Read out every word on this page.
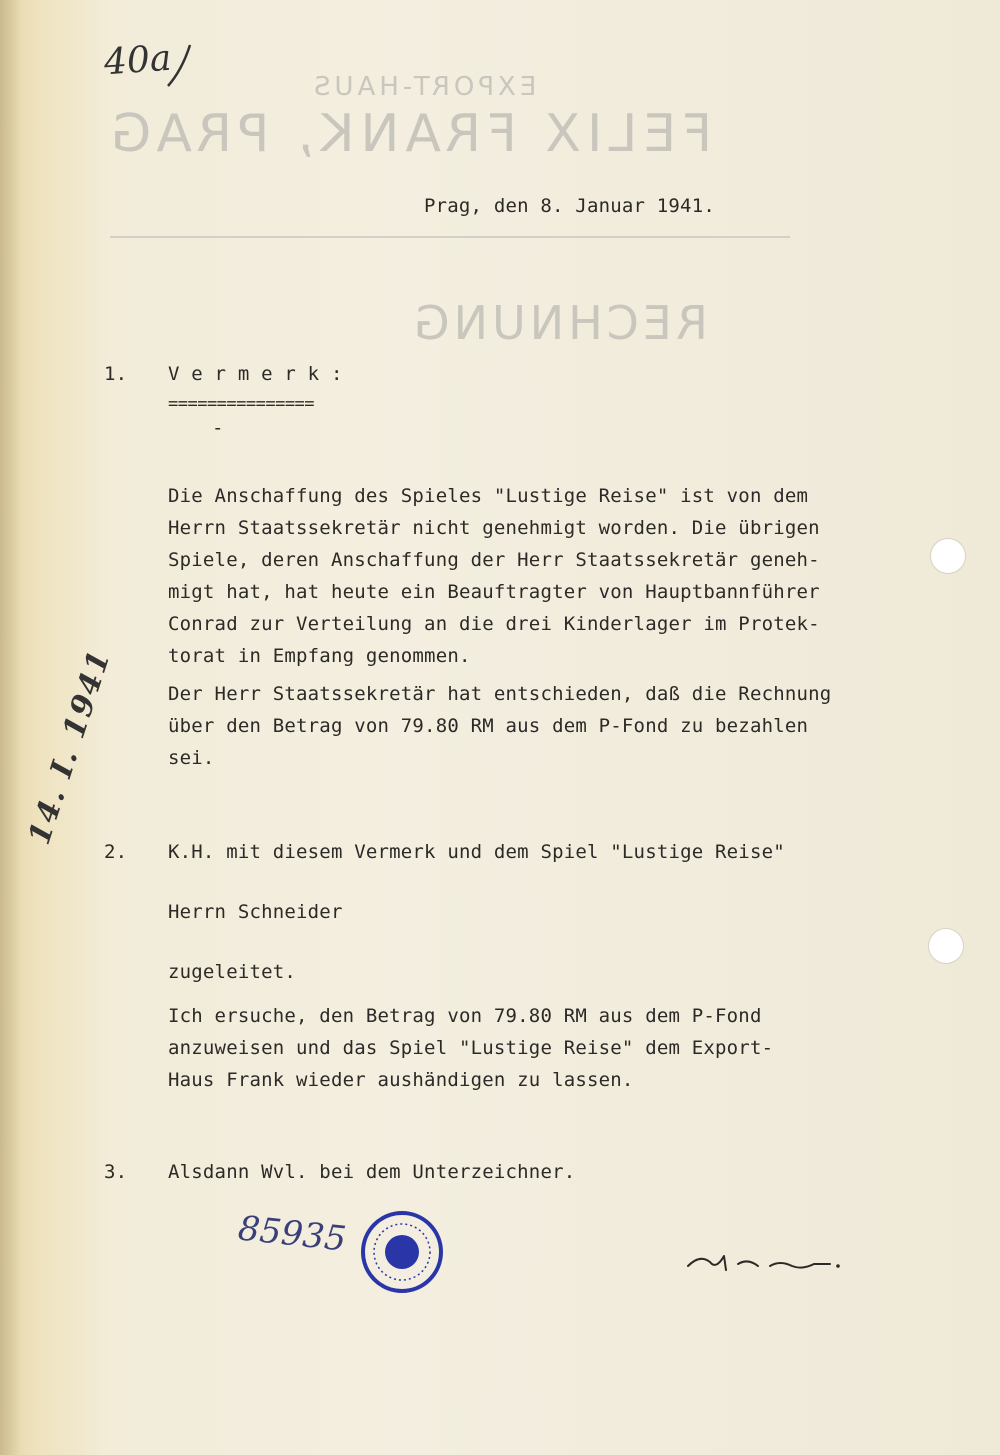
EXPORT-HAUS
FELIX FRANK, PRAG
RECHNUNG
40a
Prag, den 8. Januar 1941.
1. V e r m e r k :
===============
-
Die Anschaffung des Spieles "Lustige Reise" ist von dem
Herrn Staatssekretär nicht genehmigt worden. Die übrigen
Spiele, deren Anschaffung der Herr Staatssekretär geneh-
migt hat, hat heute ein Beauftragter von Hauptbannführer
Conrad zur Verteilung an die drei Kinderlager im Protek-
torat in Empfang genommen.
Der Herr Staatssekretär hat entschieden, daß die Rechnung
über den Betrag von 79.80 RM aus dem P-Fond zu bezahlen
sei.
14. I. 1941
2. K.H. mit diesem Vermerk und dem Spiel "Lustige Reise"
Herrn Schneider
zugeleitet.
Ich ersuche, den Betrag von 79.80 RM aus dem P-Fond
anzuweisen und das Spiel "Lustige Reise" dem Export-
Haus Frank wieder aushändigen zu lassen.
3. Alsdann Wvl. bei dem Unterzeichner.
85935
